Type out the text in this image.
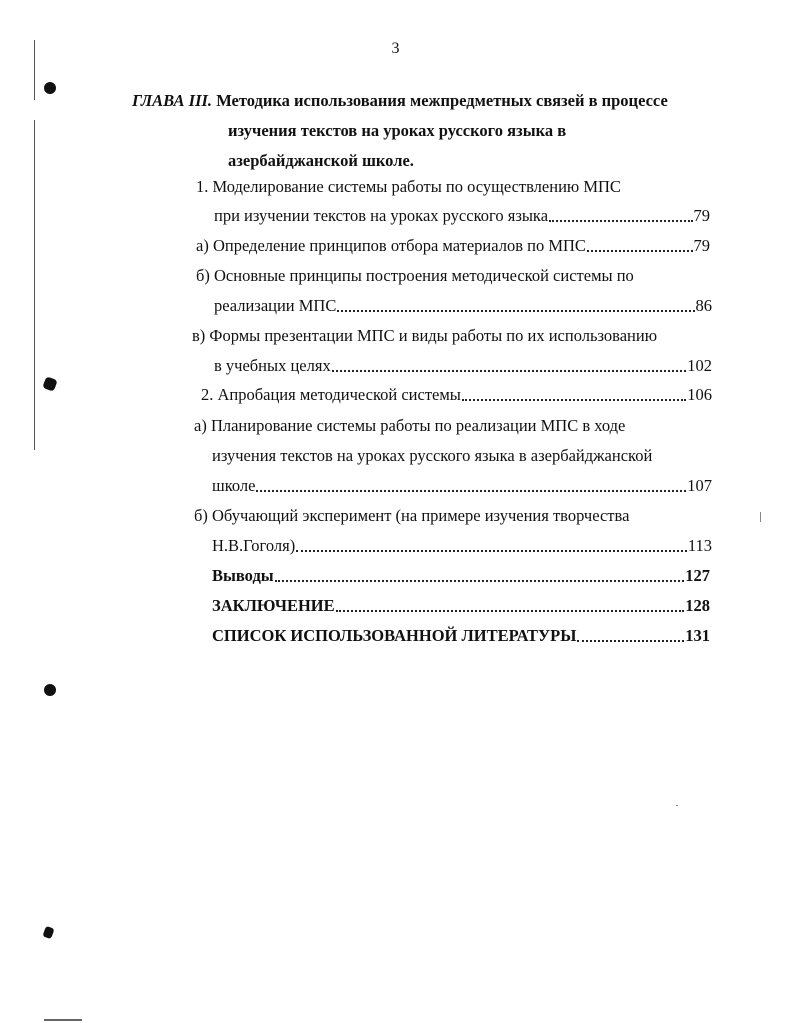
3
ГЛАВА III. Методика использования межпредметных связей в процессе
изучения текстов на уроках русского языка в
азербайджанской школе.
1. Моделирование системы работы по осуществлению МПС
при изучении текстов на уроках русского языка	79
а) Определение принципов отбора материалов по МПС	79
б) Основные принципы построения методической системы по
реализации МПС	86
в) Формы презентации МПС и виды работы по их использованию
в учебных целях	102
2. Апробация методической системы	106
а) Планирование системы работы по реализации МПС в ходе
изучения текстов на уроках русского языка в азербайджанской
школе	107
б) Обучающий эксперимент (на примере изучения творчества
Н.В.Гоголя)	113
Выводы	127
ЗАКЛЮЧЕНИЕ	128
СПИСОК ИСПОЛЬЗОВАННОЙ ЛИТЕРАТУРЫ	131
